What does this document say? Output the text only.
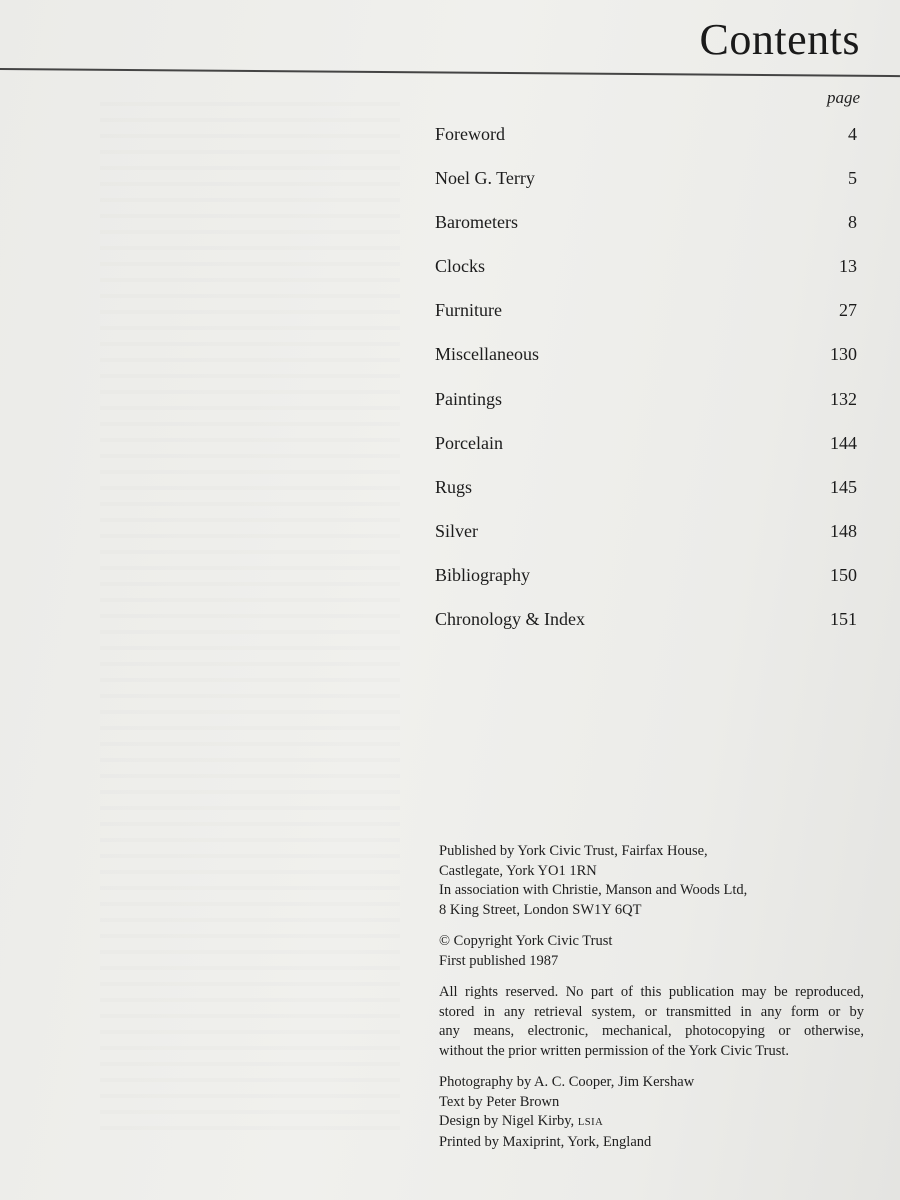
Contents
page
Foreword	4
Noel G. Terry	5
Barometers	8
Clocks	13
Furniture	27
Miscellaneous	130
Paintings	132
Porcelain	144
Rugs	145
Silver	148
Bibliography	150
Chronology & Index	151

Published by York Civic Trust, Fairfax House,
Castlegate, York YO1 1RN
In association with Christie, Manson and Woods Ltd,
8 King Street, London SW1Y 6QT

© Copyright York Civic Trust
First published 1987

All rights reserved. No part of this publication may be reproduced,
stored in any retrieval system, or transmitted in any form or by
any means, electronic, mechanical, photocopying or otherwise,
without the prior written permission of the York Civic Trust.

Photography by A. C. Cooper, Jim Kershaw
Text by Peter Brown
Design by Nigel Kirby, LSIA
Printed by Maxiprint, York, England
